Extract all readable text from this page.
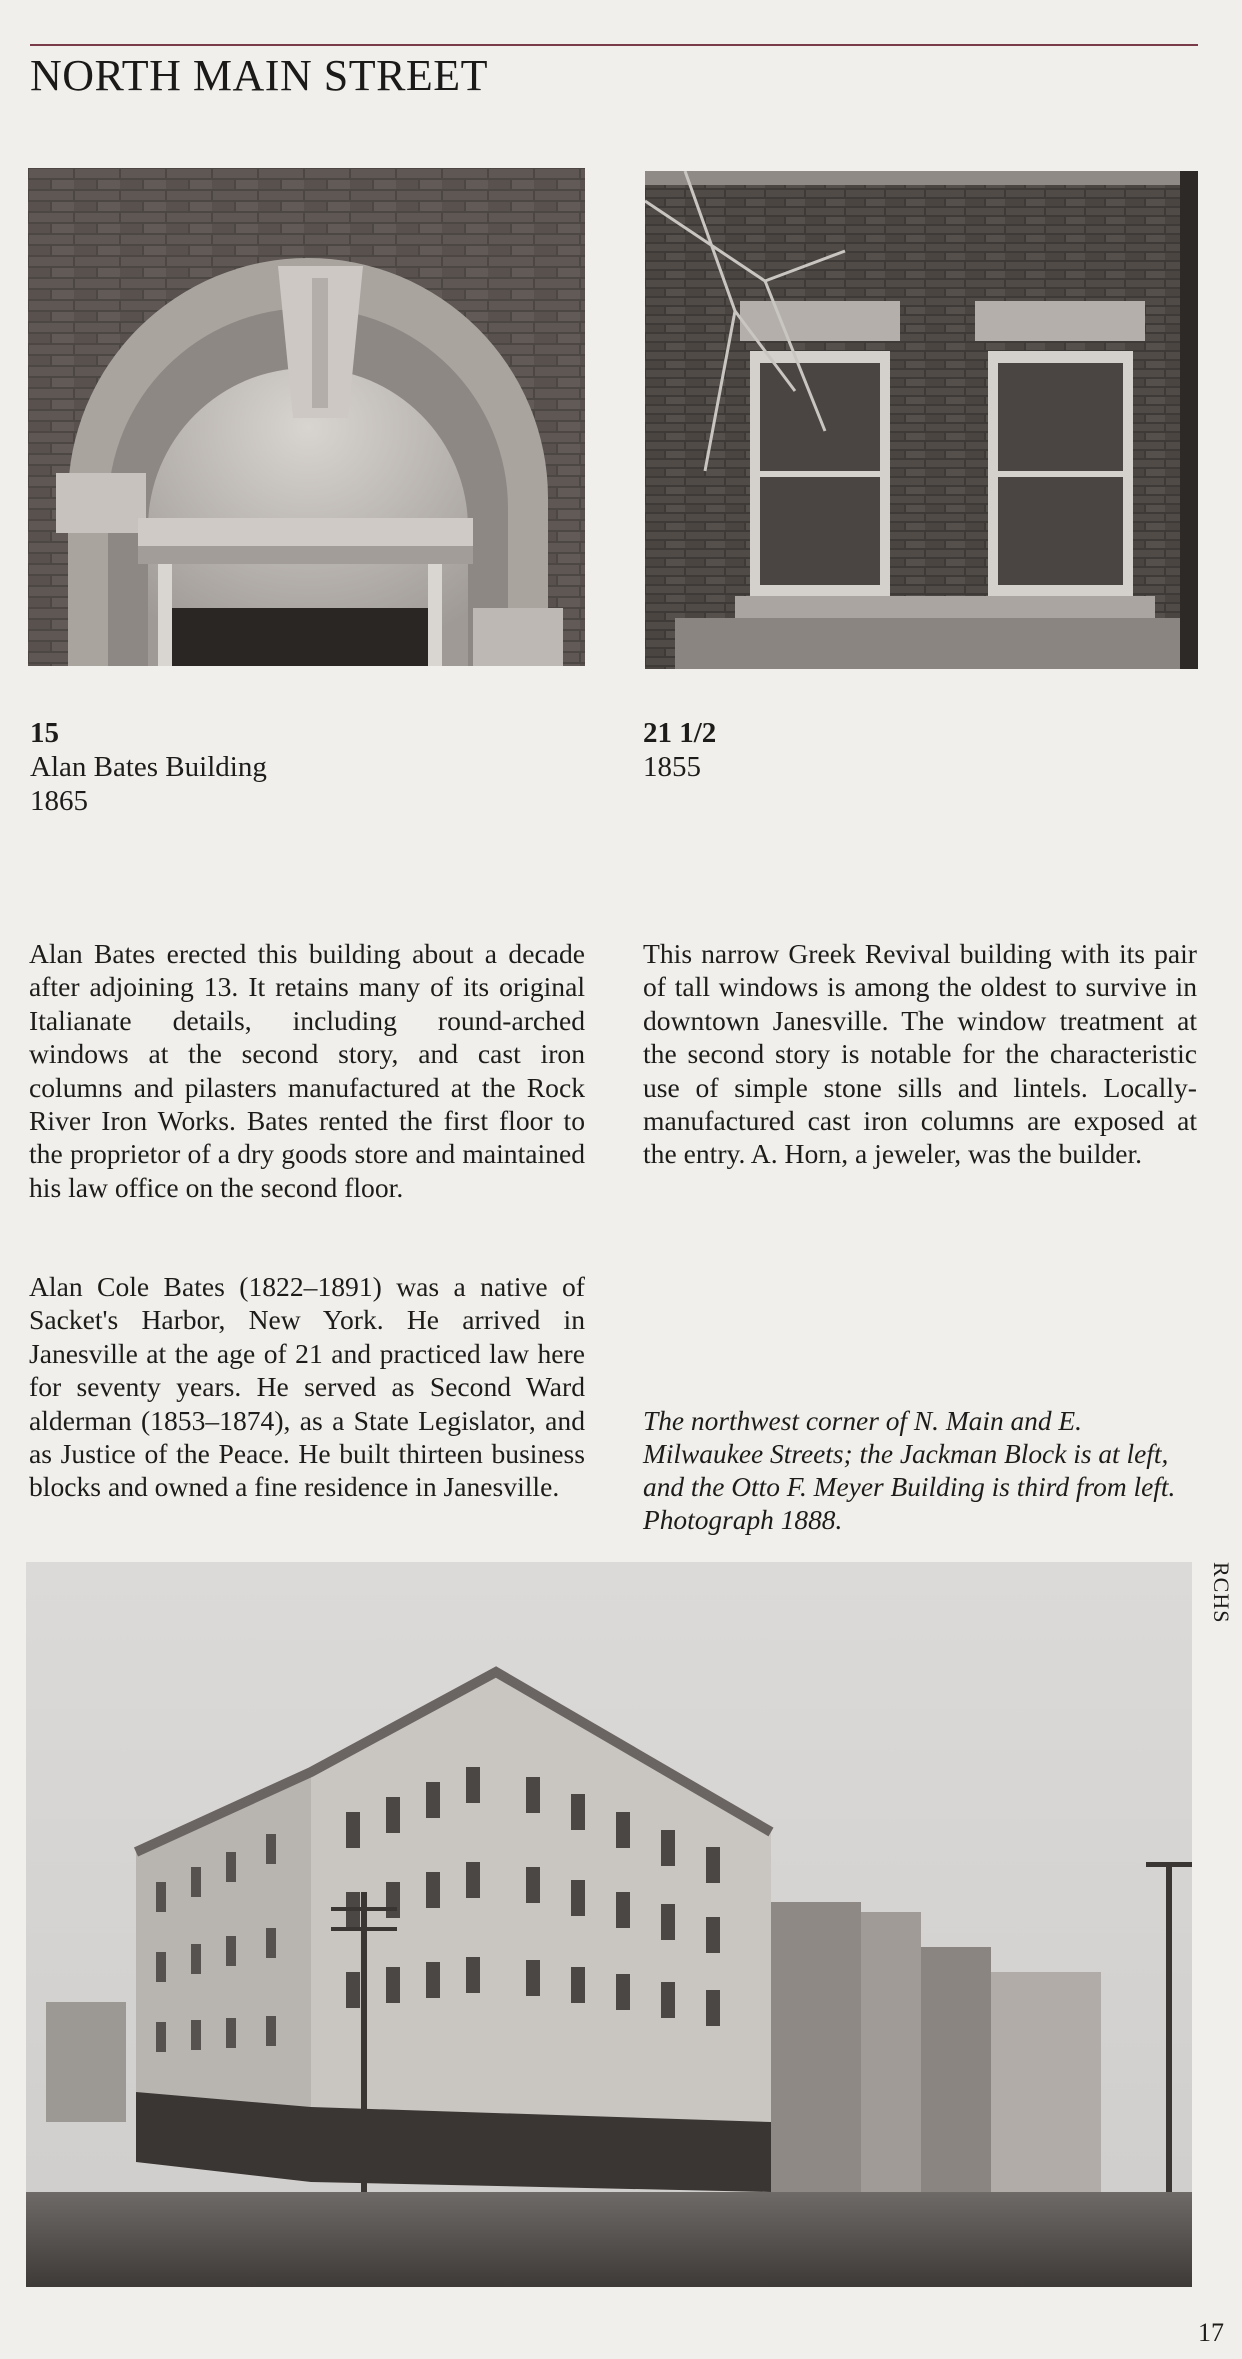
NORTH MAIN STREET
15
Alan Bates Building
1865
21 1/2
1855

Alan Bates erected this building about a decade after adjoining 13. It retains many of its original Italianate details, including round-arched windows at the second story, and cast iron columns and pilasters manufactured at the Rock River Iron Works. Bates rented the first floor to the proprietor of a dry goods store and maintained his law office on the second floor.

Alan Cole Bates (1822–1891) was a native of Sacket's Harbor, New York. He arrived in Janesville at the age of 21 and practiced law here for seventy years. He served as Second Ward alderman (1853–1874), as a State Legislator, and as Justice of the Peace. He built thirteen business blocks and owned a fine residence in Janesville.

This narrow Greek Revival building with its pair of tall windows is among the oldest to survive in downtown Janesville. The window treatment at the second story is notable for the characteristic use of simple stone sills and lintels. Locally-manufactured cast iron columns are exposed at the entry. A. Horn, a jeweler, was the builder.

The northwest corner of N. Main and E. Milwaukee Streets; the Jackman Block is at left, and the Otto F. Meyer Building is third from left. Photograph 1888.

RCHS
17
